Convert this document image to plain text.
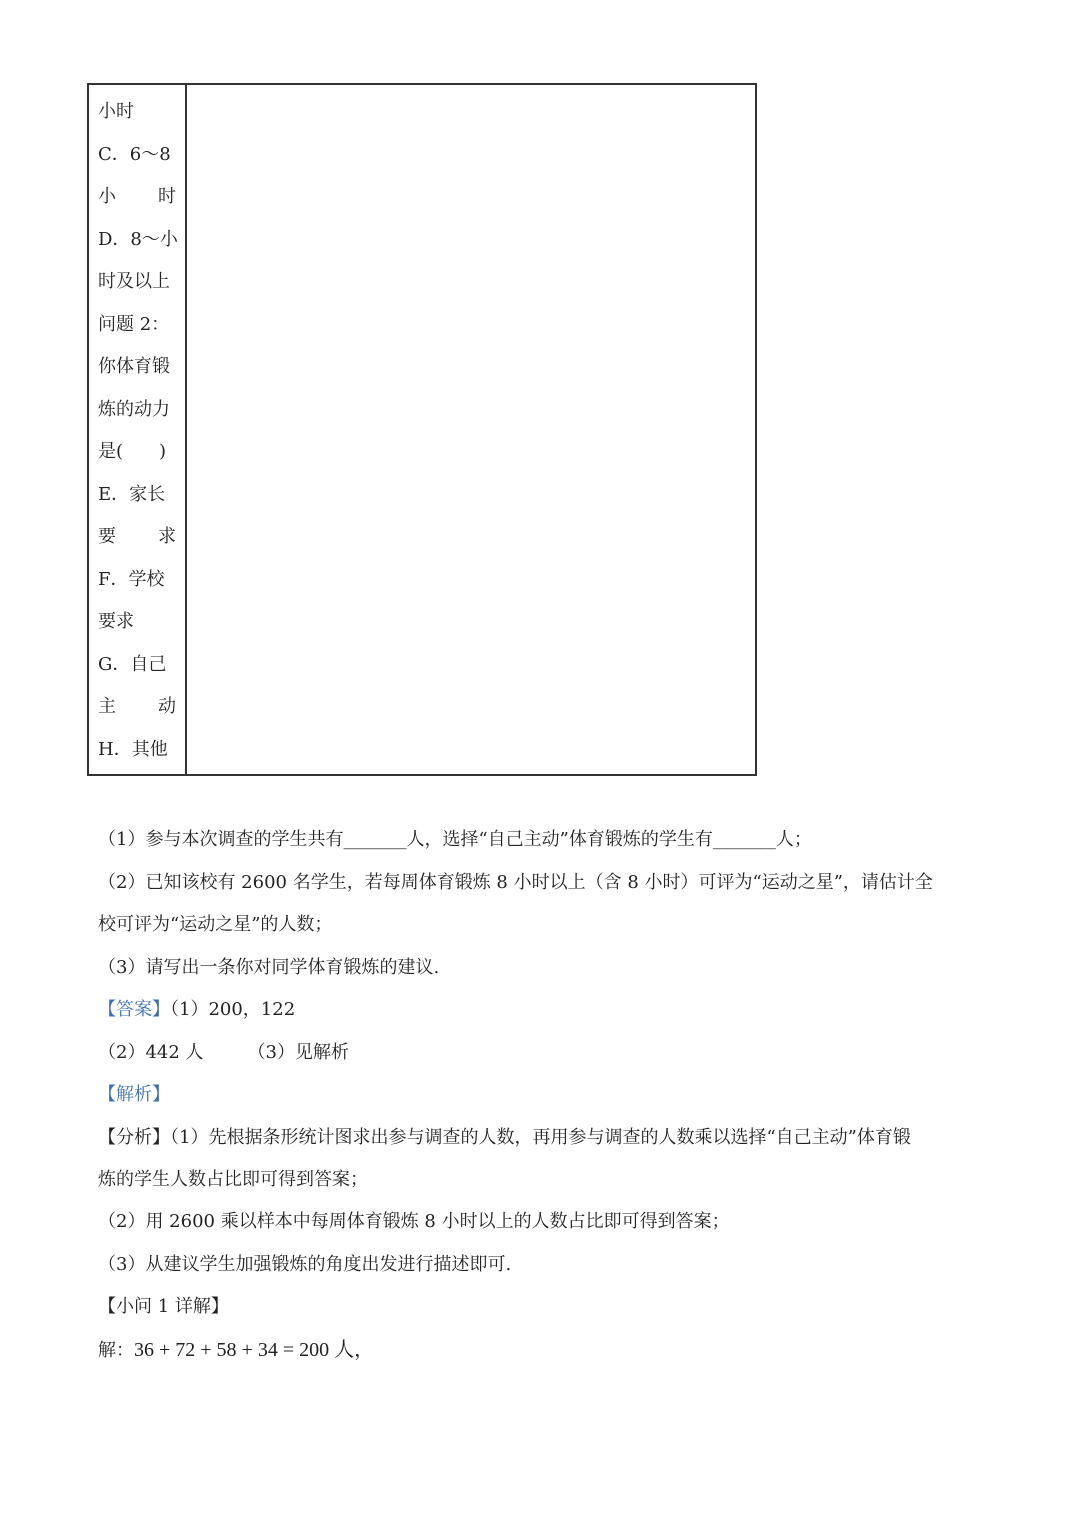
小时
C．6～8
小 时
D．8～小
时及以上
问题 2：
你体育锻
炼的动力
是(　　)
E．家长
要 求
F．学校
要求
G．自己
主 动
H．其他
（1）参与本次调查的学生共有_______人，选择“自己主动”体育锻炼的学生有_______人；
（2）已知该校有 2600 名学生，若每周体育锻炼 8 小时以上（含 8 小时）可评为“运动之星”，请估计全
校可评为“运动之星”的人数；
（3）请写出一条你对同学体育锻炼的建议.
【答案】（1）200，122
（2）442 人 （3）见解析
【解析】
【分析】（1）先根据条形统计图求出参与调查的人数，再用参与调查的人数乘以选择“自己主动”体育锻
炼的学生人数占比即可得到答案；
（2）用 2600 乘以样本中每周体育锻炼 8 小时以上的人数占比即可得到答案；
（3）从建议学生加强锻炼的角度出发进行描述即可.
【小问 1 详解】
解：36 + 72 + 58 + 34 = 200 人，
